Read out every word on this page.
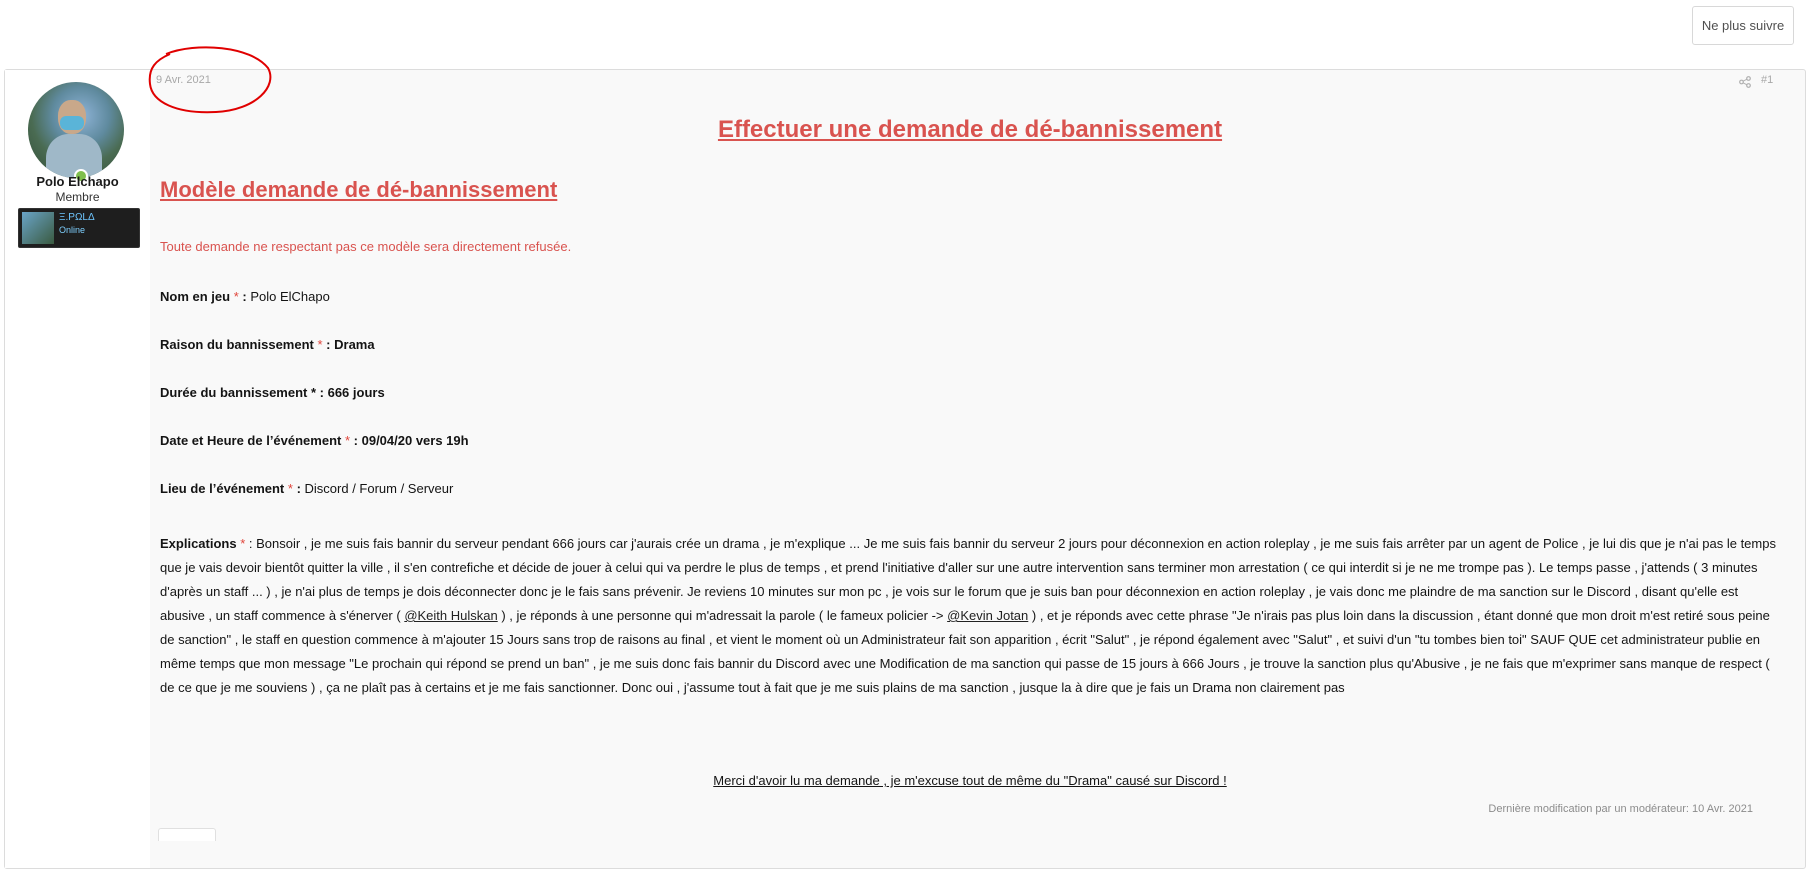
Ne plus suivre
Polo Elchapo
Membre
Ξ.PΩLΔ
Online
9 Avr. 2021	#1
Effectuer une demande de dé-bannissement
Modèle demande de dé-bannissement
Toute demande ne respectant pas ce modèle sera directement refusée.
Nom en jeu * : Polo ElChapo
Raison du bannissement * : Drama
Durée du bannissement * : 666 jours
Date et Heure de l’événement * : 09/04/20 vers 19h
Lieu de l’événement * : Discord / Forum / Serveur
Explications * : Bonsoir , je me suis fais bannir du serveur pendant 666 jours car j'aurais crée un drama , je m'explique ... Je me suis fais bannir du serveur 2 jours pour déconnexion en action roleplay , je me suis fais arrêter par un agent de Police , je lui dis que je n'ai pas le temps que je vais devoir bientôt quitter la ville , il s'en contrefiche et décide de jouer à celui qui va perdre le plus de temps , et prend l'initiative d'aller sur une autre intervention sans terminer mon arrestation ( ce qui interdit si je ne me trompe pas ). Le temps passe , j'attends ( 3 minutes d'après un staff ... ) , je n'ai plus de temps je dois déconnecter donc je le fais sans prévenir. Je reviens 10 minutes sur mon pc , je vois sur le forum que je suis ban pour déconnexion en action roleplay , je vais donc me plaindre de ma sanction sur le Discord , disant qu'elle est abusive , un staff commence à s'énerver ( @Keith Hulskan ) , je réponds à une personne qui m'adressait la parole ( le fameux policier -> @Kevin Jotan ) , et je réponds avec cette phrase "Je n'irais pas plus loin dans la discussion , étant donné que mon droit m'est retiré sous peine de sanction" , le staff en question commence à m'ajouter 15 Jours sans trop de raisons au final , et vient le moment où un Administrateur fait son apparition , écrit "Salut" , je répond également avec "Salut" , et suivi d'un "tu tombes bien toi" SAUF QUE cet administrateur publie en même temps que mon message "Le prochain qui répond se prend un ban" , je me suis donc fais bannir du Discord avec une Modification de ma sanction qui passe de 15 jours à 666 Jours , je trouve la sanction plus qu'Abusive , je ne fais que m'exprimer sans manque de respect ( de ce que je me souviens ) , ça ne plaît pas à certains et je me fais sanctionner. Donc oui , j'assume tout à fait que je me suis plains de ma sanction , jusque la à dire que je fais un Drama non clairement pas
Merci d'avoir lu ma demande , je m'excuse tout de même du "Drama" causé sur Discord !
Dernière modification par un modérateur: 10 Avr. 2021
